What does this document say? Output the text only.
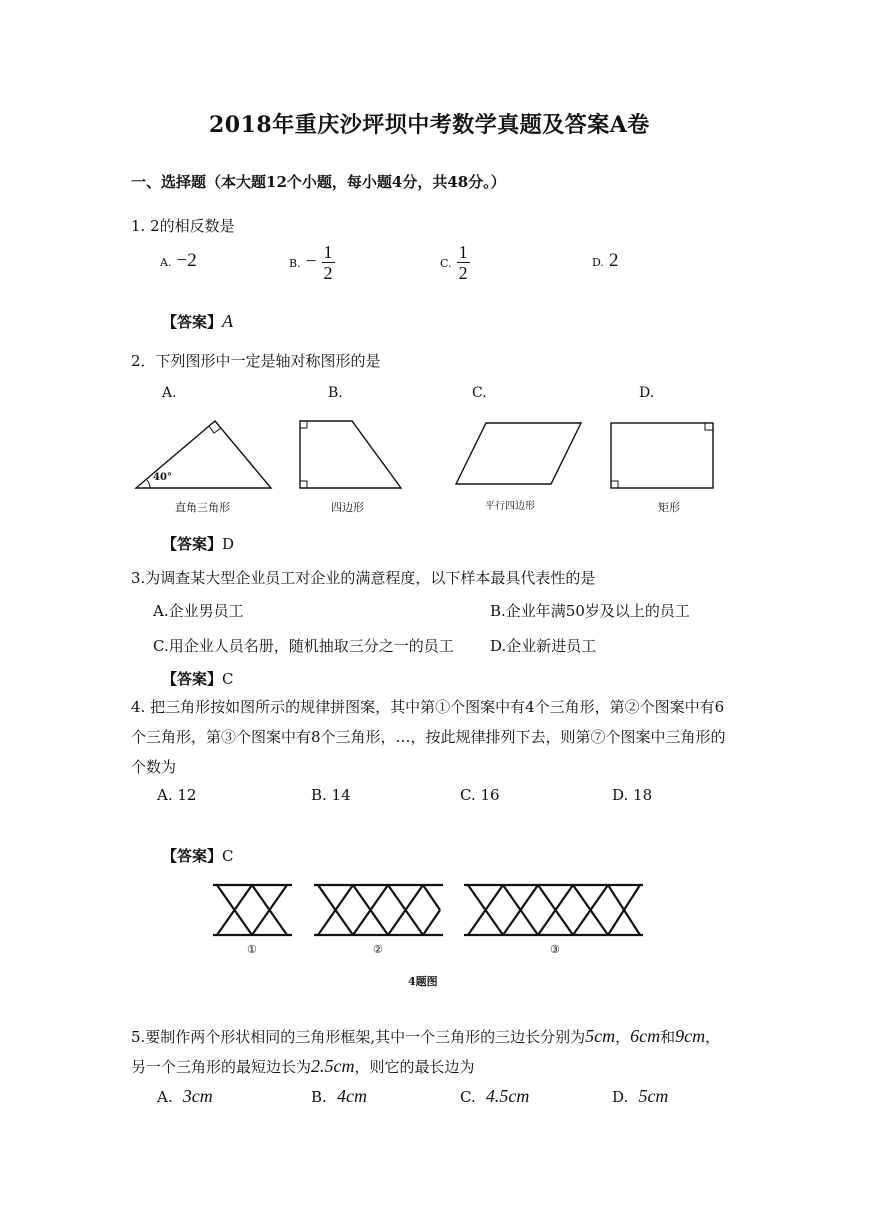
2018年重庆沙坪坝中考数学真题及答案A卷
一、选择题（本大题12个小题，每小题4分，共48分。）
1. 2的相反数是
A. −2	B. − $\frac{1}{2}$	C. $\frac{1}{2}$	D. 2
【答案】A
2．下列图形中一定是轴对称图形的是
A.	B.	C.	D.
40°
直角三角形	四边形	平行四边形	矩形
【答案】D
3.为调查某大型企业员工对企业的满意程度，以下样本最具代表性的是
A.企业男员工	B.企业年满50岁及以上的员工
C.用企业人员名册，随机抽取三分之一的员工 D.企业新进员工
【答案】C
4. 把三角形按如图所示的规律拼图案，其中第①个图案中有4个三角形，第②个图案中有6
个三角形，第③个图案中有8个三角形，…，按此规律排列下去，则第⑦个图案中三角形的
个数为
A. 12	B. 14	C. 16	D. 18
【答案】C
①	②	③
4题图
5.要制作两个形状相同的三角形框架,其中一个三角形的三边长分别为5cm，6cm和9cm，
另一个三角形的最短边长为2.5cm，则它的最长边为
A. 3cm	B. 4cm	C. 4.5cm	D. 5cm
